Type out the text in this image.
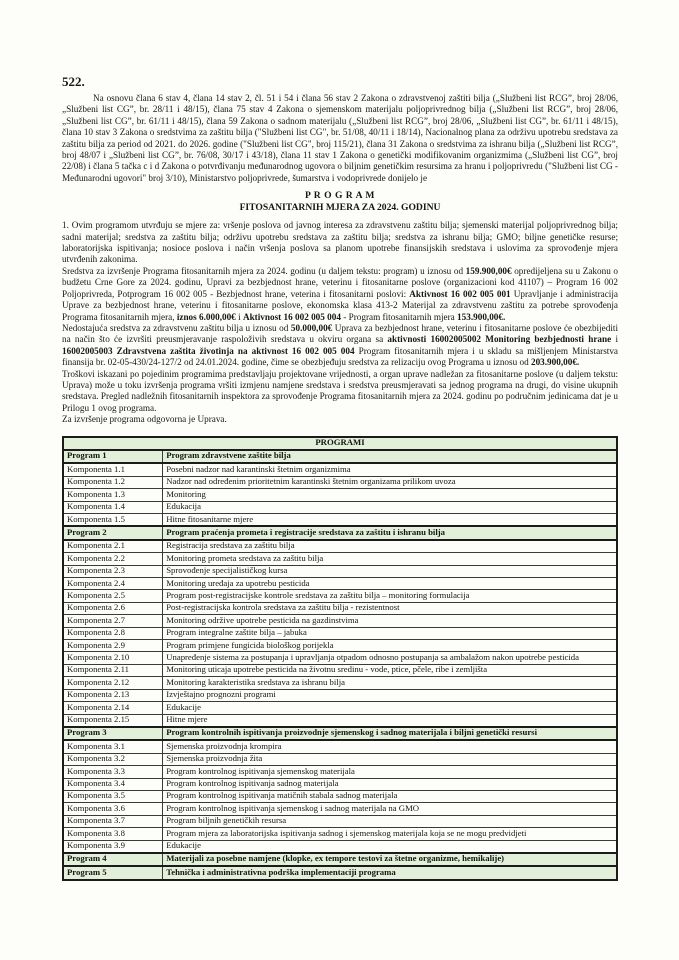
522.

Na osnovu člana 6 stav 4, člana 14 stav 2, čl. 51 i 54 i člana 56 stav 2 Zakona o zdravstvenoj zaštiti bilja („Službeni list RCG”, broj 28/06, „Službeni list CG”, br. 28/11 i 48/15), člana 75 stav 4 Zakona o sjemenskom materijalu poljoprivrednog bilja („Službeni list RCG”, broj 28/06, „Službeni list CG”, br. 61/11 i 48/15), člana 59 Zakona o sadnom materijalu („Službeni list RCG”, broj 28/06, „Službeni list CG”, br. 61/11 i 48/15), člana 10 stav 3 Zakona o sredstvima za zaštitu bilja ("Službeni list CG", br. 51/08, 40/11 i 18/14), Nacionalnog plana za održivu upotrebu sredstava za zaštitu bilja za period od 2021. do 2026. godine ("Službeni list CG", broj 115/21), člana 31 Zakona o sredstvima za ishranu bilja („Službeni list RCG”, broj 48/07 i „Službeni list CG”, br. 76/08, 30/17 i 43/18), člana 11 stav 1 Zakona o genetički modifikovanim organizmima („Službeni list CG”, broj 22/08) i člana 5 tačka c i d Zakona o potvrđivanju međunarodnog ugovora o biljnim genetičkim resursima za hranu i poljoprivredu ("Službeni list CG - Međunarodni ugovori" broj 3/10), Ministarstvo poljoprivrede, šumarstva i vodoprivrede donijelo je

P R O G R A M
FITOSANITARNIH MJERA ZA 2024. GODINU

1. Ovim programom utvrđuju se mjere za: vršenje poslova od javnog interesa za zdravstvenu zaštitu bilja; sjemenski materijal poljoprivrednog bilja; sadni materijal; sredstva za zaštitu bilja; održivu upotrebu sredstava za zaštitu bilja; sredstva za ishranu bilja; GMO; biljne genetičke resurse; laboratorijska ispitivanja; nosioce poslova i način vršenja poslova sa planom upotrebe finansijskih sredstava i uslovima za sprovođenje mjera utvrđenih zakonima.

Sredstva za izvršenje Programa fitosanitarnih mjera za 2024. godinu (u daljem tekstu: program) u iznosu od 159.900,00€ opredijeljena su u Zakonu o budžetu Crne Gore za 2024. godinu, Upravi za bezbjednost hrane, veterinu i fitosanitarne poslove (organizacioni kod 41107) – Program 16 002 Poljoprivreda, Potprogram 16 002 005 - Bezbjednost hrane, veterina i fitosanitarni poslovi: Aktivnost 16 002 005 001 Upravljanje i administracija Uprave za bezbjednost hrane, veterinu i fitosanitarne poslove, ekonomska klasa 413-2 Materijal za zdravstvenu zaštitu za potrebe sprovođenja Programa fitosanitarnih mjera, iznos 6.000,00€ i Aktivnost 16 002 005 004 - Program fitosanitarnih mjera 153.900,00€.

Nedostajuća sredstva za zdravstvenu zaštitu bilja u iznosu od 50.000,00€ Uprava za bezbjednost hrane, veterinu i fitosanitarne poslove će obezbijediti na način što će izvršiti preusmjeravanje raspoloživih sredstava u okviru organa sa aktivnosti 16002005002 Monitoring bezbjednosti hrane i 16002005003 Zdravstvena zaštita životinja na aktivnost 16 002 005 004 Program fitosanitarnih mjera i u skladu sa mišljenjem Ministarstva finansija br. 02-05-430/24-127/2 od 24.01.2024. godine, čime se obezbjeđuju sredstva za relizaciju ovog Programa u iznosu od 203.900,00€.

Troškovi iskazani po pojedinim programima predstavljaju projektovane vrijednosti, a organ uprave nadležan za fitosanitarne poslove (u daljem tekstu: Uprava) može u toku izvršenja programa vršiti izmjenu namjene sredstava i sredstva preusmjeravati sa jednog programa na drugi, do visine ukupnih sredstava. Pregled nadležnih fitosanitarnih inspektora za sprovođenje Programa fitosanitarnih mjera za 2024. godinu po područnim jedinicama dat je u Prilogu 1 ovog programa.

Za izvršenje programa odgovorna je Uprava.

PROGRAMI	
Program 1	Program zdravstvene zaštite bilja
Komponenta 1.1	Posebni nadzor nad karantinski štetnim organizmima
Komponenta 1.2	Nadzor nad određenim prioritetnim karantinski štetnim organizama prilikom uvoza
Komponenta 1.3	Monitoring
Komponenta 1.4	Edukacija
Komponenta 1.5	Hitne fitosanitarne mjere
Program 2	Program praćenja prometa i registracije sredstava za zaštitu i ishranu bilja
Komponenta 2.1	Registracija sredstava za zaštitu bilja
Komponenta 2.2	Monitoring prometa sredstava za zaštitu bilja
Komponenta 2.3	Sprovođenje specijalističkog kursa
Komponenta 2.4	Monitoring uređaja za upotrebu pesticida
Komponenta 2.5	Program post-registracijske kontrole sredstava za zaštitu bilja – monitoring formulacija
Komponenta 2.6	Post-registracijska kontrola sredstava za zaštitu bilja - rezistentnost
Komponenta 2.7	Monitoring održive upotrebe pesticida na gazdinstvima
Komponenta 2.8	Program integralne zaštite bilja – jabuka
Komponenta 2.9	Program primjene fungicida biološkog porijekla
Komponenta 2.10	Unapređenje sistema za postupanja i upravljanja otpadom odnosno postupanja sa ambalažom nakon upotrebe pesticida
Komponenta 2.11	Monitoring uticaja upotrebe pesticida na životnu sredinu - vode, ptice, pčele, ribe i zemljišta
Komponenta 2.12	Monitoring karakteristika sredstava za ishranu bilja
Komponenta 2.13	Izvještajno prognozni programi
Komponenta 2.14	Edukacije
Komponenta 2.15	Hitne mjere
Program 3	Program kontrolnih ispitivanja proizvodnje sjemenskog i sadnog materijala i biljni genetički resursi
Komponenta 3.1	Sjemenska proizvodnja krompira
Komponenta 3.2	Sjemenska proizvodnja žita
Komponenta 3.3	Program kontrolnog ispitivanja sjemenskog materijala
Komponenta 3.4	Program kontrolnog ispitivanja sadnog materijala
Komponenta 3.5	Program kontrolnog ispitivanja matičnih stabala sadnog materijala
Komponenta 3.6	Program kontrolnog ispitivanja sjemenskog i sadnog materijala na GMO
Komponenta 3.7	Program biljnih genetičkih resursa
Komponenta 3.8	Program mjera za laboratorijska ispitivanja sadnog i sjemenskog materijala koja se ne mogu predvidjeti
Komponenta 3.9	Edukacije
Program 4	Materijali za posebne namjene (klopke, ex tempore testovi za štetne organizme, hemikalije)
Program 5	Tehnička i administrativna podrška implementaciji programa
